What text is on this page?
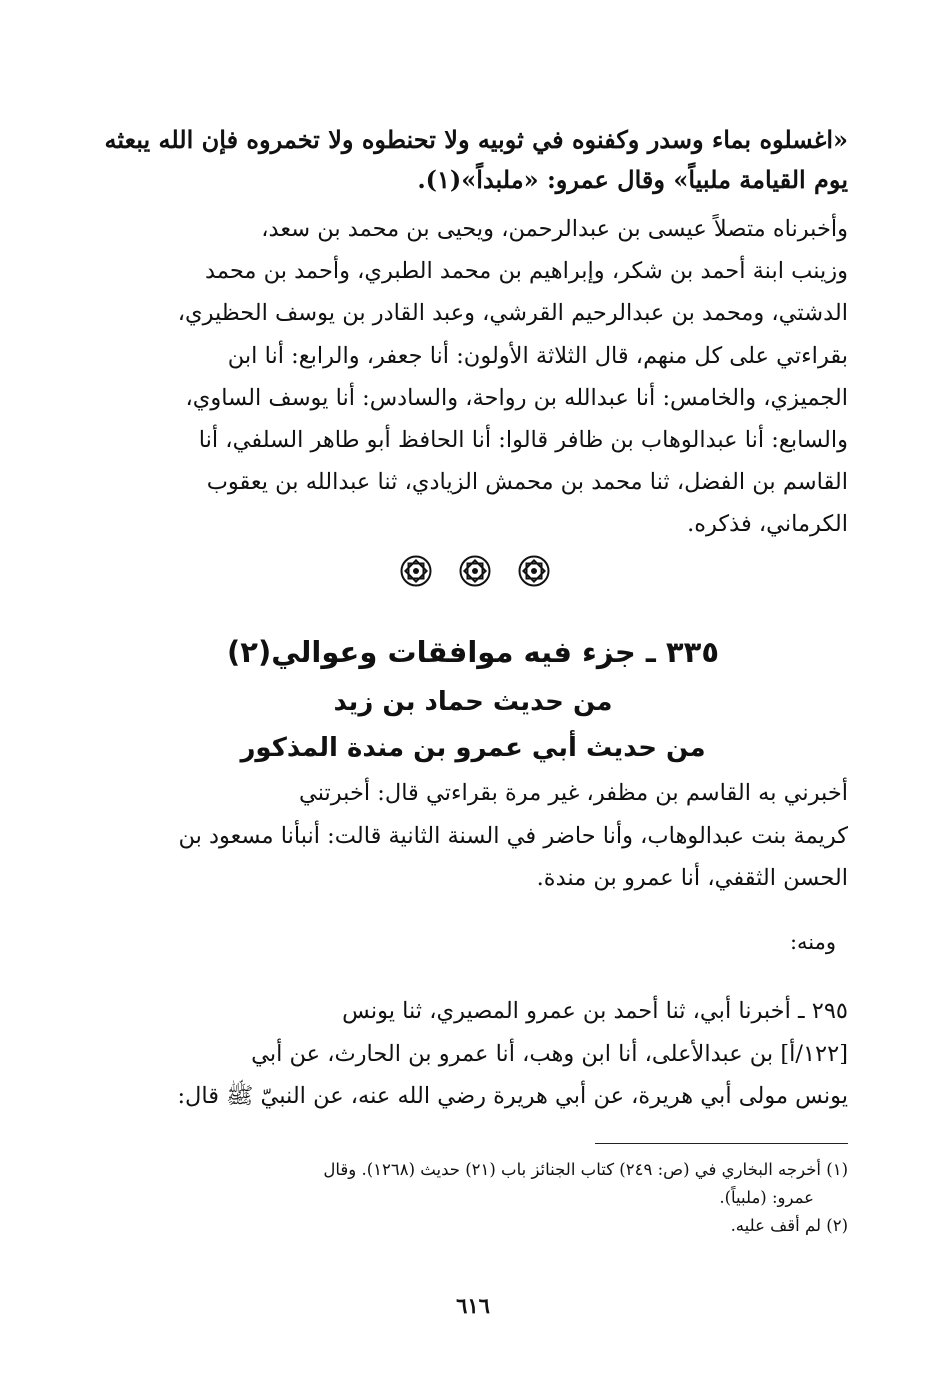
«اغسلوه بماء وسدر وكفنوه في ثوبيه ولا تحنطوه ولا تخمروه فإن الله يبعثه
يوم القيامة ملبياً» وقال عمرو: «ملبداً»(١).
وأخبرناه متصلاً عيسى بن عبدالرحمن، ويحيى بن محمد بن سعد،
وزينب ابنة أحمد بن شكر، وإبراهيم بن محمد الطبري، وأحمد بن محمد
الدشتي، ومحمد بن عبدالرحيم القرشي، وعبد القادر بن يوسف الحظيري،
بقراءتي على كل منهم، قال الثلاثة الأولون: أنا جعفر، والرابع: أنا ابن
الجميزي، والخامس: أنا عبدالله بن رواحة، والسادس: أنا يوسف الساوي،
والسابع: أنا عبدالوهاب بن ظافر قالوا: أنا الحافظ أبو طاهر السلفي، أنا
القاسم بن الفضل، ثنا محمد بن محمش الزيادي، ثنا عبدالله بن يعقوب
الكرماني، فذكره.
٣٣٥ ـ جزء فيه موافقات وعوالي(٢)
من حديث حماد بن زيد
من حديث أبي عمرو بن مندة المذكور
أخبرني به القاسم بن مظفر، غير مرة بقراءتي قال: أخبرتني
كريمة بنت عبدالوهاب، وأنا حاضر في السنة الثانية قالت: أنبأنا مسعود بن
الحسن الثقفي، أنا عمرو بن مندة.
ومنه:
٢٩٥ ـ أخبرنا أبي، ثنا أحمد بن عمرو المصيري، ثنا يونس
[١٢٢/أ] بن عبدالأعلى، أنا ابن وهب، أنا عمرو بن الحارث، عن أبي
يونس مولى أبي هريرة، عن أبي هريرة رضي الله عنه، عن النبيّ ﷺ قال:
(١) أخرجه البخاري في (ص: ٢٤٩) كتاب الجنائز باب (٢١) حديث (١٢٦٨). وقال
عمرو: (ملبياً).
(٢) لم أقف عليه.
٦١٦
